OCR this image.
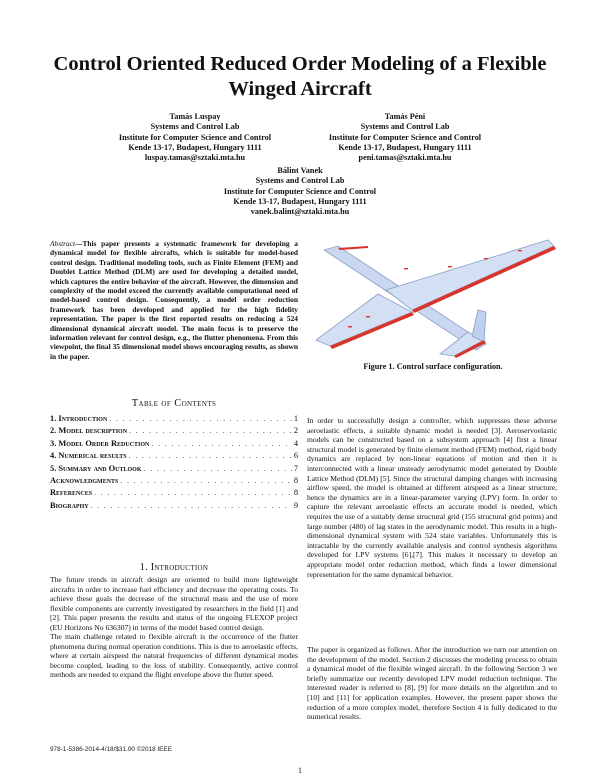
Control Oriented Reduced Order Modeling of a Flexible
Winged Aircraft
Tamás Luspay
Systems and Control Lab
Institute for Computer Science and Control
Kende 13-17, Budapest, Hungary 1111
luspay.tamas@sztaki.mta.hu
Tamás Péni
Systems and Control Lab
Institute for Computer Science and Control
Kende 13-17, Budapest, Hungary 1111
peni.tamas@sztaki.mta.hu
Bálint Vanek
Systems and Control Lab
Institute for Computer Science and Control
Kende 13-17, Budapest, Hungary 1111
vanek.balint@sztaki.mta.hu
Abstract—This paper presents a systematic framework for developing a dynamical model for flexible aircrafts, which is suitable for model-based control design. Traditional modeling tools, such as Finite Element (FEM) and Doublet Lattice Method (DLM) are used for developing a detailed model, which captures the entire behavior of the aircraft. However, the dimension and complexity of the model exceed the currently available computational need of model-based control design. Consequently, a model order reduction framework has been developed and applied for the high fidelity representation. The paper is the first reported results on reducing a 524 dimensional dynamical aircraft model. The main focus is to preserve the information relevant for control design, e.g., the flutter phenomena. From this viewpoint, the final 35 dimensional model shows encouraging results, as shown in the paper.
Figure 1. Control surface configuration.
Table of Contents
1. Introduction . . .	1
2. Model description . . .	2
3. Model Order Reduction . . .	4
4. Numerical results . . .	6
5. Summary and Outlook . . .	7
Acknowledgments . . .	8
References . . .	8
Biography . . .	9
1. Introduction
The future trends in aircraft design are oriented to build more lightweight aircrafts in order to increase fuel efficiency and decrease the operating costs. To achieve these goals the decrease of the structural mass and the use of more flexible components are currently investigated by researchers in the field [1] and [2]. This paper presents the results and status of the ongoing FLEXOP project (EU Horizons No 636307) in terms of the model based control design.
The main challenge related to flexible aircraft is the occurrence of the flutter phenomena during normal operation conditions. This is due to aeroelastic effects, where at certain airspeed the natural frequencies of different dynamical modes become coupled, leading to the loss of stability. Consequently, active control methods are needed to expand the flight envelope above the flutter speed.
In order to successfully design a controller, which suppresses these adverse aeroelastic effects, a suitable dynamic model is needed [3]. Aeroservoelastic models can be constructed based on a subsystem approach [4] first a linear structural model is generated by finite element method (FEM) method, rigid body dynamics are replaced by non-linear equations of motion and then it is interconnected with a linear unsteady aerodynamic model generated by Double Lattice Method (DLM) [5]. Since the structural damping changes with increasing airflow speed, the model is obtained at different airspeed as a linear structure, hence the dynamics are in a linear-parameter varying (LPV) form. In order to capture the relevant aeroelastic effects an accurate model is needed, which requires the use of a suitably dense structural grid (155 structural grid points) and large number (480) of lag states in the aerodynamic model. This results in a high-dimensional dynamical system with 524 state variables. Unfortunately this is intractable by the currently available analysis and control synthesis algorithms developed for LPV systems [6],[7]. This makes it necessary to develop an appropriate model order reduction method, which finds a lower dimensional representation for the same dynamical behavior.
The paper is organized as follows. After the introduction we turn our attention on the development of the model. Section 2 discusses the modeling process to obtain a dynamical model of the flexible winged aircraft. In the following Section 3 we briefly summarize our recently developed LPV model reduction technique. The interested reader is referred to [8], [9] for more details on the algorithm and to [10] and [11] for application examples. However, the present paper shows the reduction of a more complex model, therefore Section 4 is fully dedicated to the numerical results.
978-1-5386-2014-4/18/$31.00 ©2018 IEEE
1
